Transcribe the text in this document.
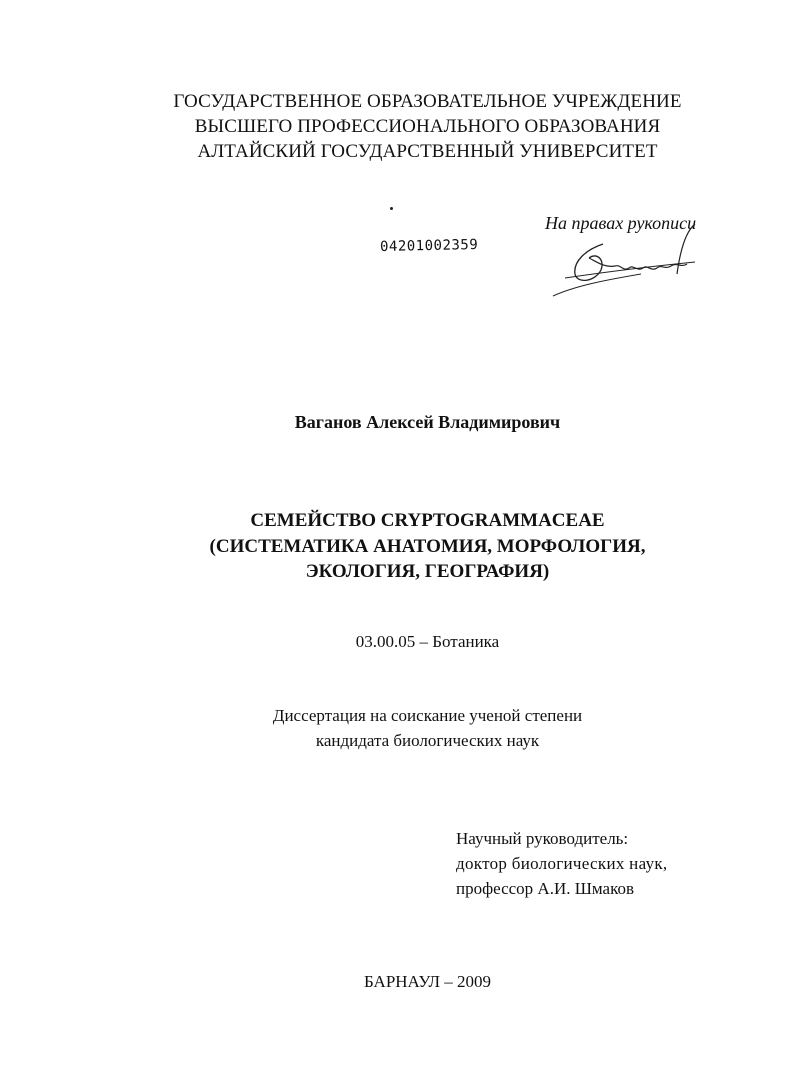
ГОСУДАРСТВЕННОЕ ОБРАЗОВАТЕЛЬНОЕ УЧРЕЖДЕНИЕ
ВЫСШЕГО ПРОФЕССИОНАЛЬНОГО ОБРАЗОВАНИЯ
АЛТАЙСКИЙ ГОСУДАРСТВЕННЫЙ УНИВЕРСИТЕТ
04201002359
На правах рукописи
Ваганов Алексей Владимирович
СЕМЕЙСТВО CRYPTOGRAMMACEAE
(СИСТЕМАТИКА АНАТОМИЯ, МОРФОЛОГИЯ,
ЭКОЛОГИЯ, ГЕОГРАФИЯ)
03.00.05 – Ботаника
Диссертация на соискание ученой степени
кандидата биологических наук
Научный руководитель:
доктор биологических наук,
профессор А.И. Шмаков
БАРНАУЛ – 2009
